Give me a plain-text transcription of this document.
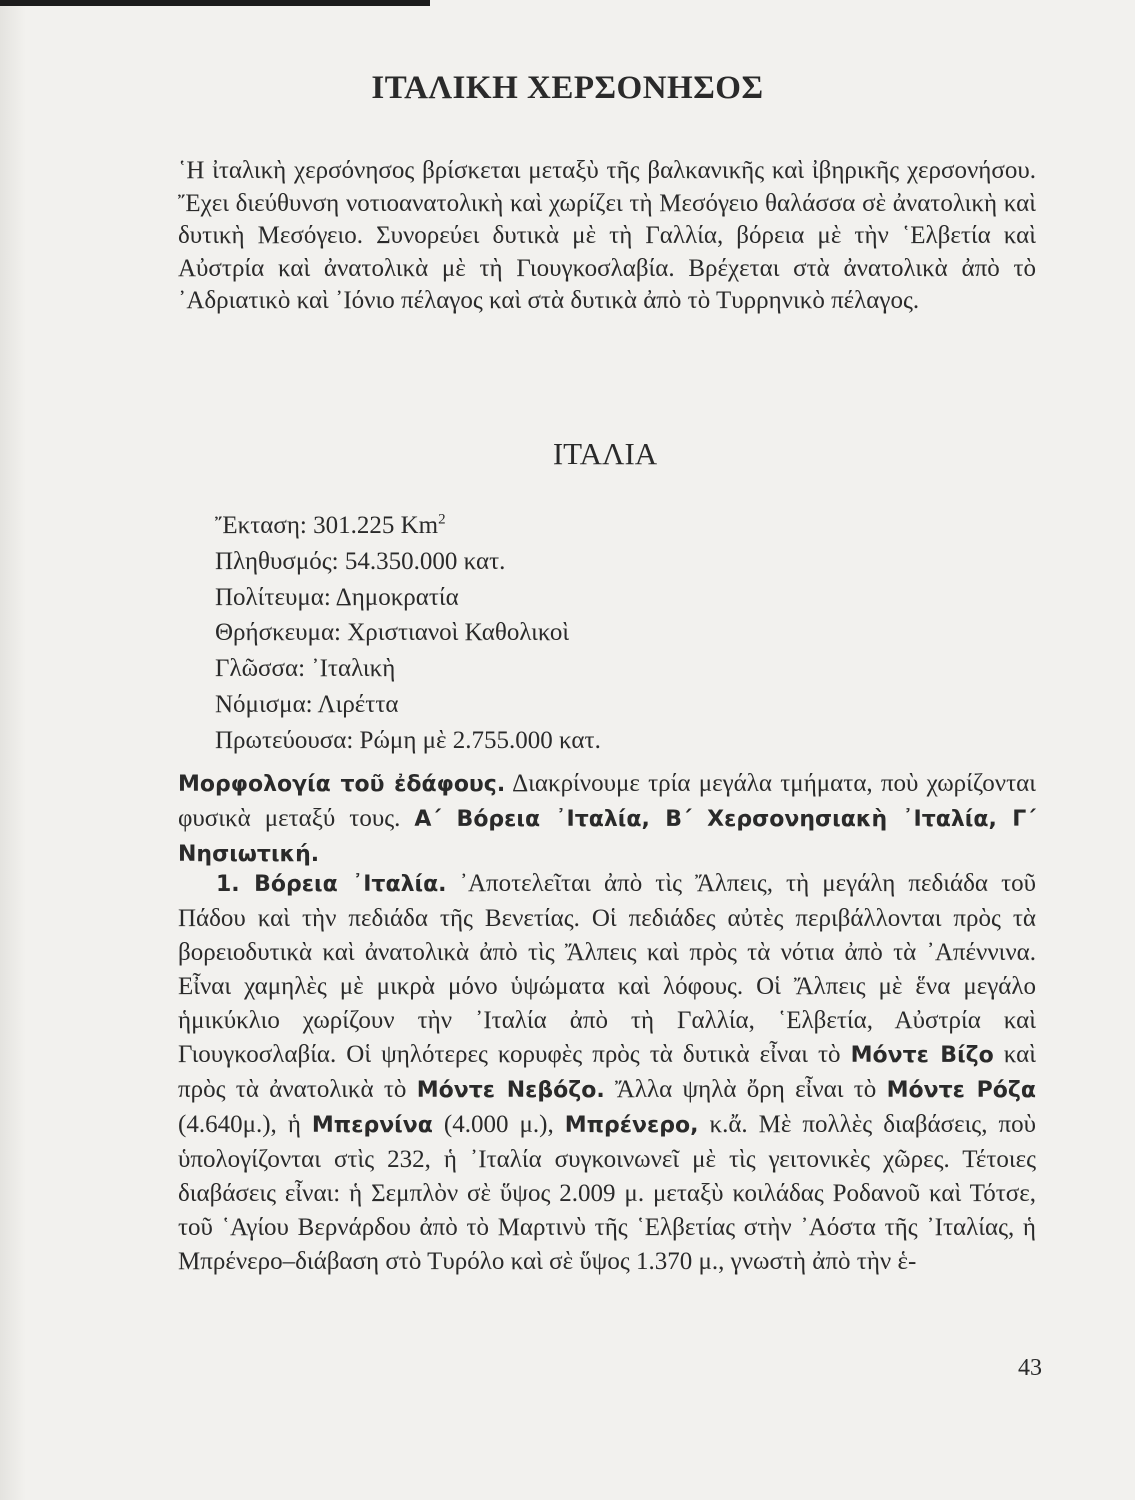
ΙΤΑΛΙΚΗ ΧΕΡΣΟΝΗΣΟΣ

῾Η ἰταλικὴ χερσόνησος βρίσκεται μεταξὺ τῆς βαλκανικῆς καὶ ἰβηρικῆς χερσονήσου. Ἔχει διεύθυνση νοτιοανατολικὴ καὶ χωρίζει τὴ Μεσόγειο θαλάσσα σὲ ἀνατολικὴ καὶ δυτικὴ Μεσόγειο. Συνορεύει δυτικὰ μὲ τὴ Γαλλία, βόρεια μὲ τὴν ῾Ελβετία καὶ Αὐστρία καὶ ἀνατολικὰ μὲ τὴ Γιουγκοσλαβία. Βρέχεται στὰ ἀνατολικὰ ἀπὸ τὸ ᾿Αδριατικὸ καὶ ᾿Ιόνιο πέλαγος καὶ στὰ δυτικὰ ἀπὸ τὸ Τυρρηνικὸ πέλαγος.

ΙΤΑΛΙΑ
Ἔκταση: 301.225 Km$^2$
Πληθυσμός: 54.350.000 κατ.
Πολίτευμα: Δημοκρατία
Θρήσκευμα: Χριστιανοὶ Καθολικοὶ
Γλῶσσα: ᾿Ιταλικὴ
Νόμισμα: Λιρέττα
Πρωτεύουσα: Ρώμη μὲ 2.755.000 κατ.

Μορφολογία τοῦ ἐδάφους. Διακρίνουμε τρία μεγάλα τμήματα, ποὺ χωρίζονται φυσικὰ μεταξύ τους. Α΄ Βόρεια ᾿Ιταλία, Β΄ Χερσονησιακὴ ᾿Ιταλία, Γ΄ Νησιωτική.

1. Βόρεια ᾿Ιταλία. ᾿Αποτελεῖται ἀπὸ τὶς Ἄλπεις, τὴ μεγάλη πεδιάδα τοῦ Πάδου καὶ τὴν πεδιάδα τῆς Βενετίας. Οἱ πεδιάδες αὐτὲς περιβάλλονται πρὸς τὰ βορειοδυτικὰ καὶ ἀνατολικὰ ἀπὸ τὶς Ἄλπεις καὶ πρὸς τὰ νότια ἀπὸ τὰ ᾿Απέννινα. Εἶναι χαμηλὲς μὲ μικρὰ μόνο ὑψώματα καὶ λόφους. Οἱ Ἄλπεις μὲ ἕνα μεγάλο ἡμικύκλιο χωρίζουν τὴν ᾿Ιταλία ἀπὸ τὴ Γαλλία, ῾Ελβετία, Αὐστρία καὶ Γιουγκοσλαβία. Οἱ ψηλότερες κορυφὲς πρὸς τὰ δυτικὰ εἶναι τὸ Μόντε Βίζο καὶ πρὸς τὰ ἀνατολικὰ τὸ Μόντε Νεβόζο. Ἄλλα ψηλὰ ὄρη εἶναι τὸ Μόντε Ρόζα (4.640μ.), ἡ Μπερνίνα (4.000 μ.), Μπρένερο, κ.ἄ. Μὲ πολλὲς διαβάσεις, ποὺ ὑπολογίζονται στὶς 232, ἡ ᾿Ιταλία συγκοινωνεῖ μὲ τὶς γειτονικὲς χῶρες. Τέτοιες διαβάσεις εἶναι: ἡ Σεμπλὸν σὲ ὕψος 2.009 μ. μεταξὺ κοιλάδας Ροδανοῦ καὶ Τότσε, τοῦ ῾Αγίου Βερνάρδου ἀπὸ τὸ Μαρτινὺ τῆς ῾Ελβετίας στὴν ᾿Αόστα τῆς ᾿Ιταλίας, ἡ Μπρένερο–διάβαση στὸ Τυρόλο καὶ σὲ ὕψος 1.370 μ., γνωστὴ ἀπὸ τὴν ἑ-

43
